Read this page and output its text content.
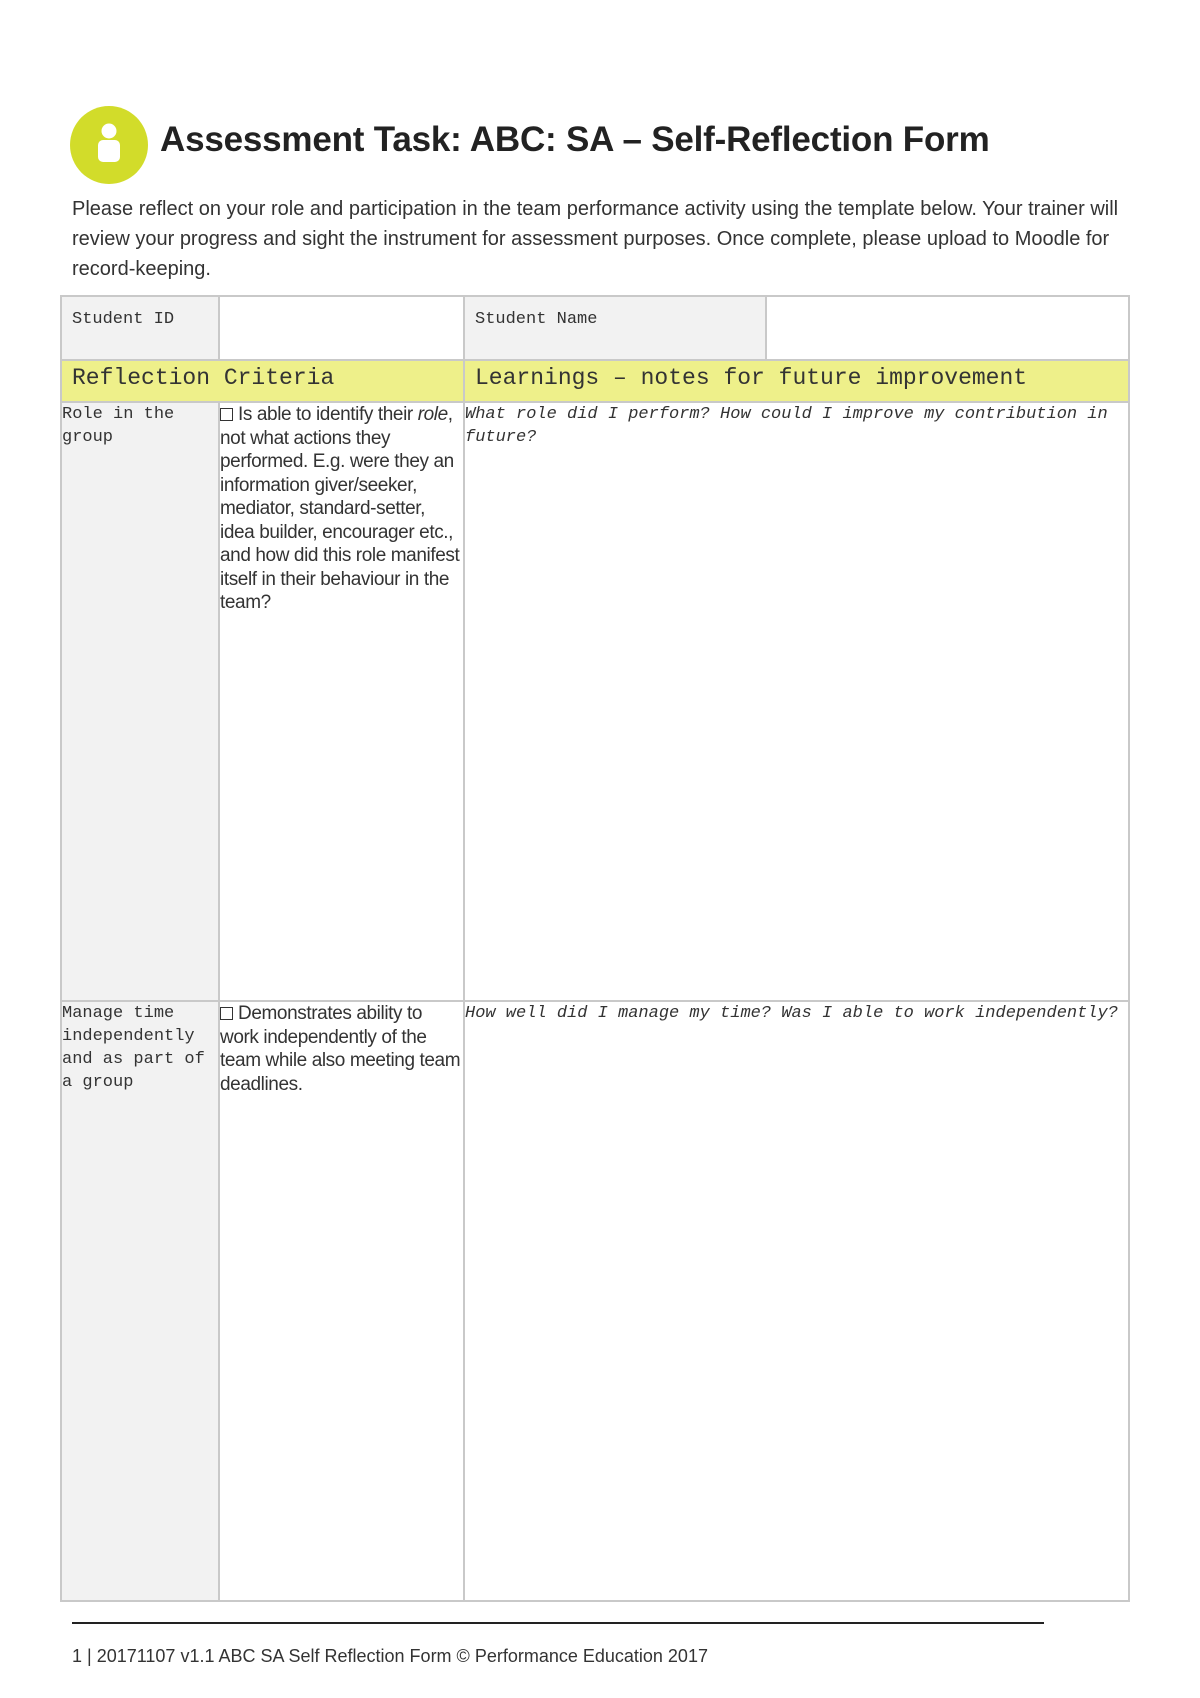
Assessment Task: ABC: SA – Self-Reflection Form
Please reflect on your role and participation in the team performance activity using the template below. Your trainer will review your progress and sight the instrument for assessment purposes. Once complete, please upload to Moodle for record-keeping.
Student ID		Student Name	
Reflection Criteria		Learnings – notes for future improvement	
Role in the group	Is able to identify their role, not what actions they performed. E.g. were they an information giver/seeker, mediator, standard-setter, idea builder, encourager etc., and how did this role manifest itself in their behaviour in the team?	What role did I perform? How could I improve my contribution in future?	

Manage time independently and as part of a group	Demonstrates ability to work independently of the team while also meeting team deadlines.	How well did I manage my time? Was I able to work independently?	
1 | 20171107 v1.1 ABC SA Self Reflection Form © Performance Education 2017
